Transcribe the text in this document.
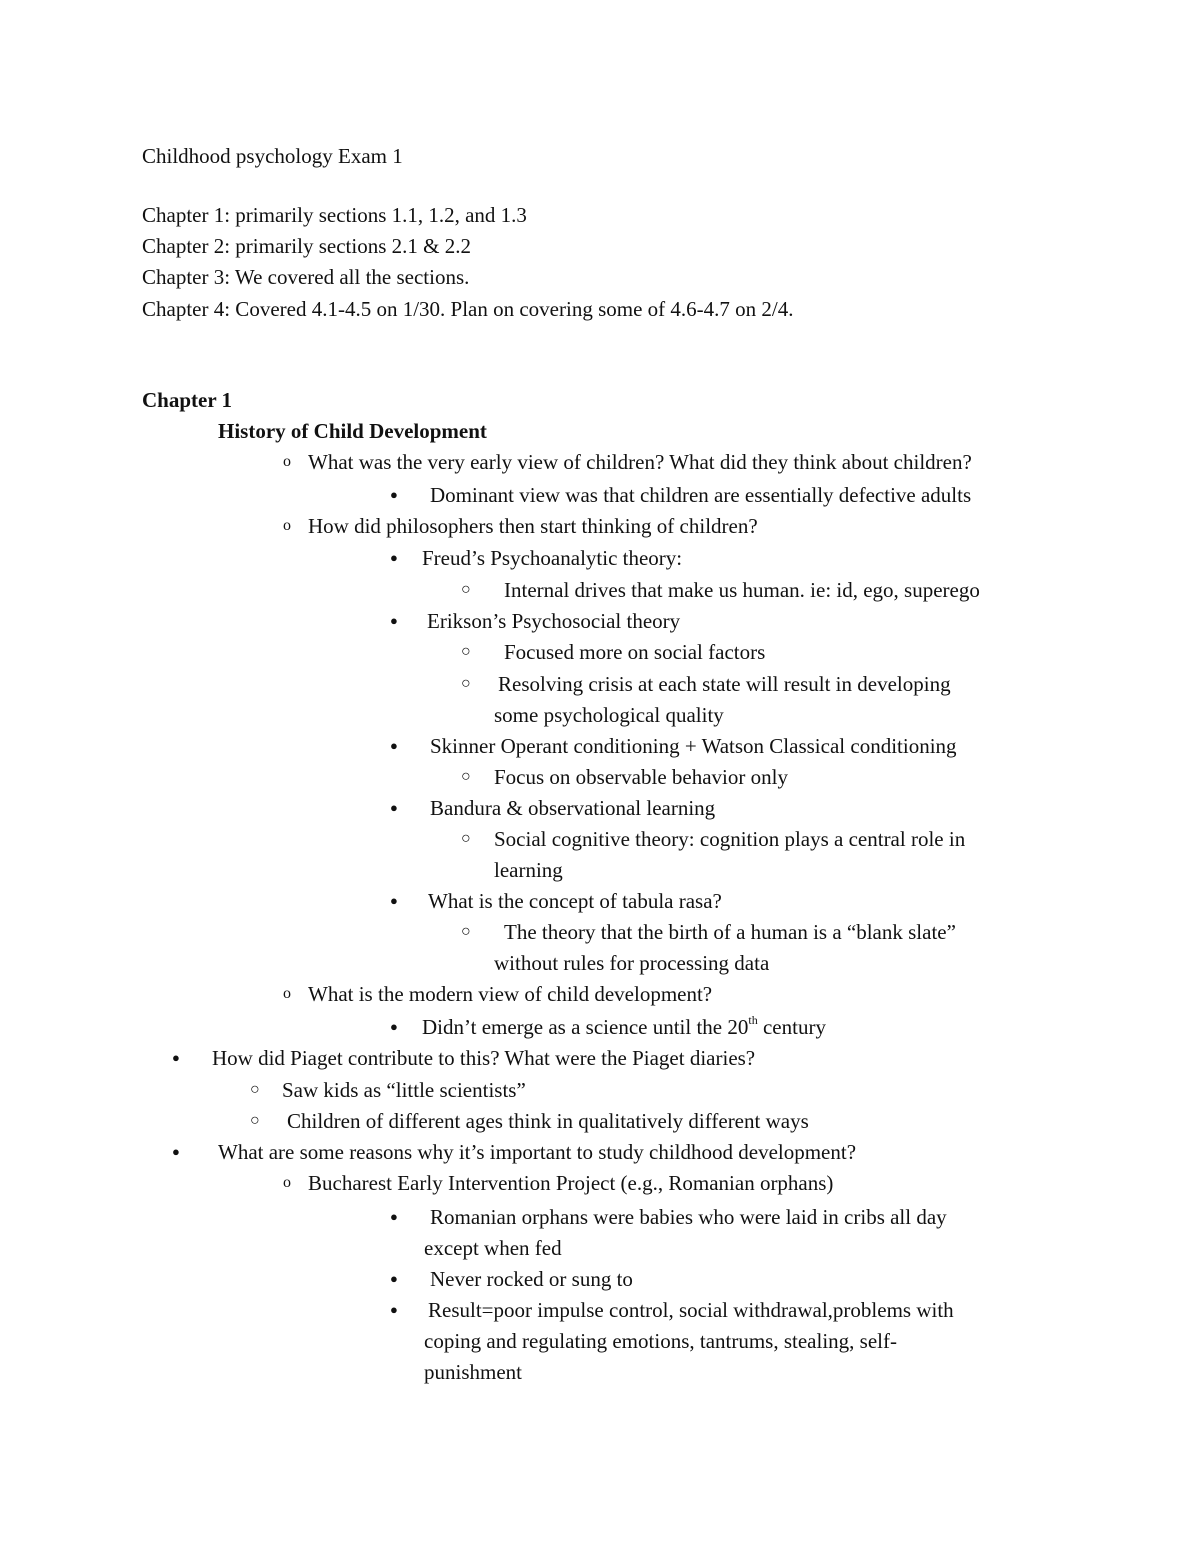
Childhood psychology Exam 1
Chapter 1: primarily sections 1.1, 1.2, and 1.3
Chapter 2: primarily sections 2.1 & 2.2
Chapter 3: We covered all the sections.
Chapter 4: Covered 4.1-4.5 on 1/30. Plan on covering some of 4.6-4.7 on 2/4.
Chapter 1
History of Child Development
o What was the very early view of children? What did they think about children?
● Dominant view was that children are essentially defective adults
o How did philosophers then start thinking of children?
● Freud’s Psychoanalytic theory:
○ Internal drives that make us human. ie: id, ego, superego
● Erikson’s Psychosocial theory
○ Focused more on social factors
○ Resolving crisis at each state will result in developing
some psychological quality
● Skinner Operant conditioning + Watson Classical conditioning
○ Focus on observable behavior only
● Bandura & observational learning
○ Social cognitive theory: cognition plays a central role in
learning
● What is the concept of tabula rasa?
○ The theory that the birth of a human is a “blank slate”
without rules for processing data
o What is the modern view of child development?
● Didn’t emerge as a science until the 20th century
● How did Piaget contribute to this? What were the Piaget diaries?
○ Saw kids as “little scientists”
○ Children of different ages think in qualitatively different ways
● What are some reasons why it’s important to study childhood development?
o Bucharest Early Intervention Project (e.g., Romanian orphans)
● Romanian orphans were babies who were laid in cribs all day
except when fed
● Never rocked or sung to
● Result=poor impulse control, social withdrawal,problems with
coping and regulating emotions, tantrums, stealing, self-
punishment
